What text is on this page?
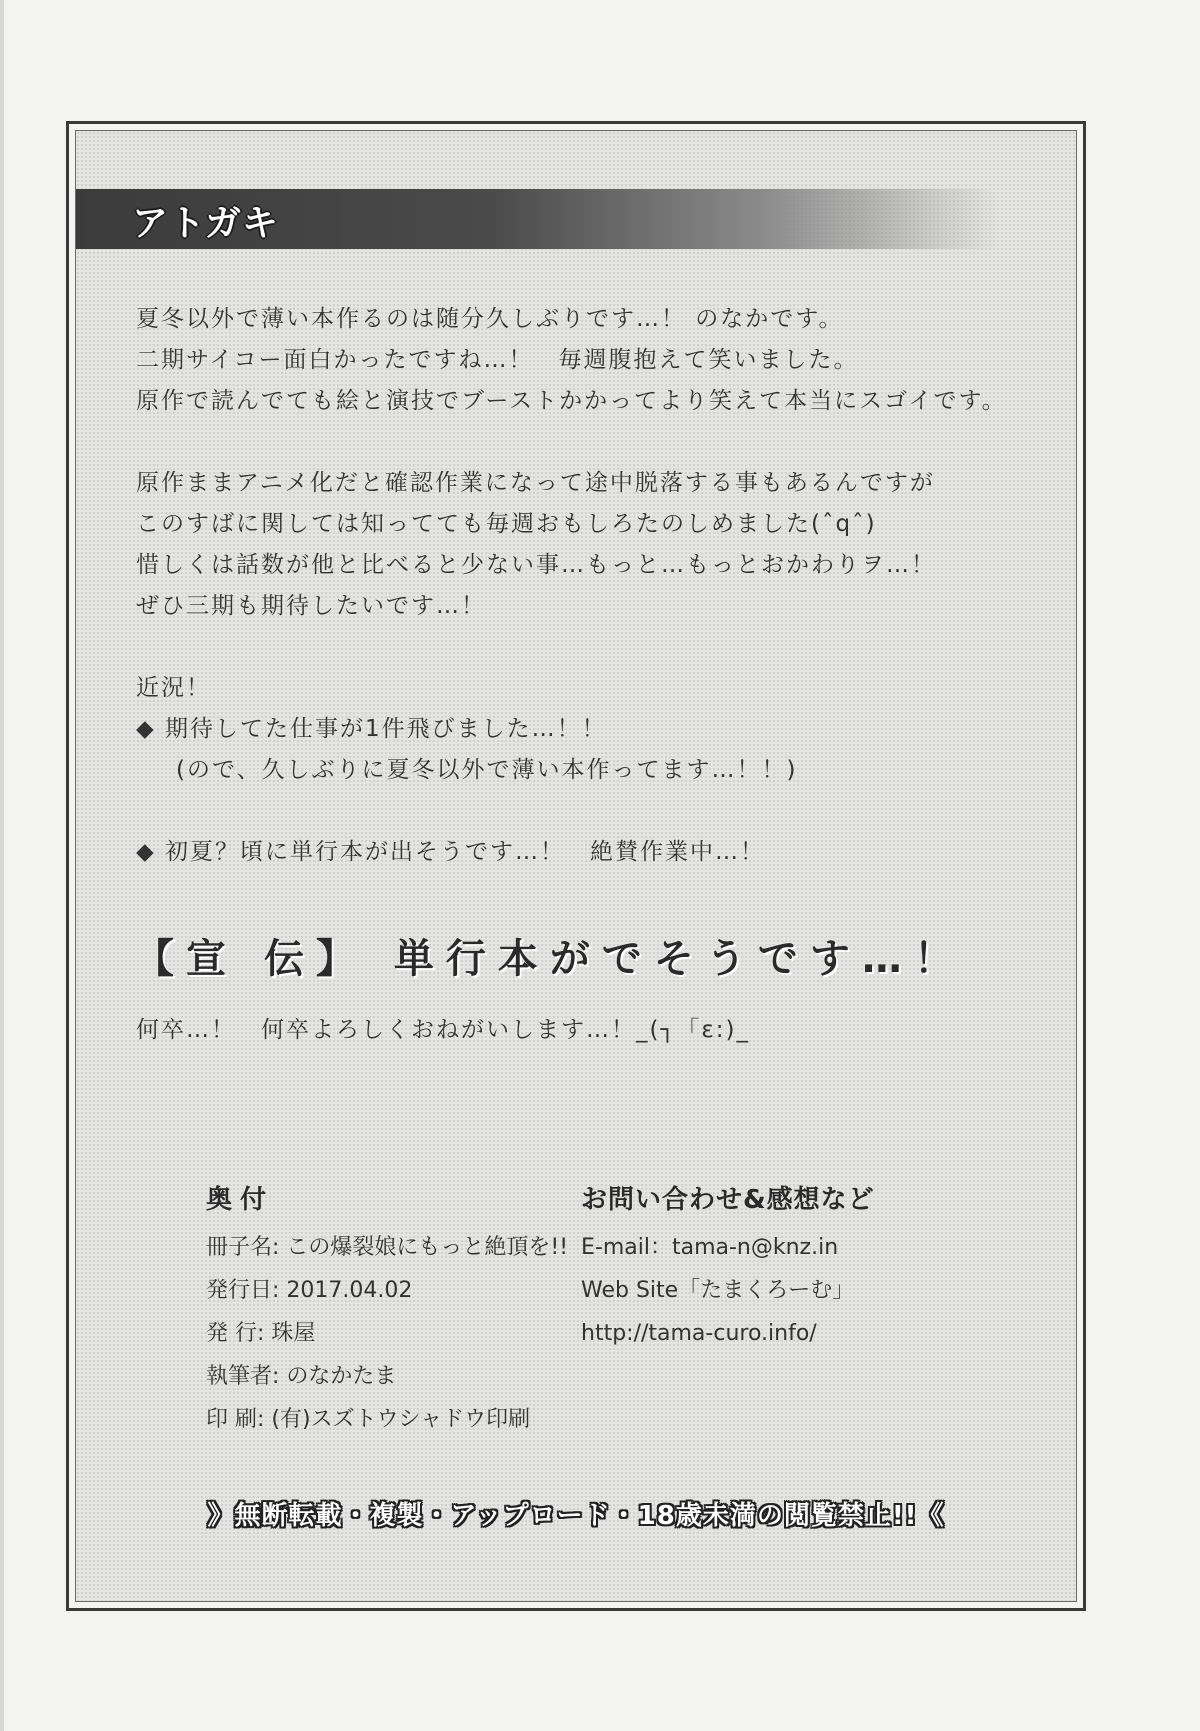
アトガキ
夏冬以外で薄い本作るのは随分久しぶりです…！ のなかです。
二期サイコー面白かったですね…！　毎週腹抱えて笑いました。
原作で読んでても絵と演技でブーストかかってより笑えて本当にスゴイです。
原作ままアニメ化だと確認作業になって途中脱落する事もあるんですが
このすばに関しては知ってても毎週おもしろたのしめました(ˆqˆ)
惜しくは話数が他と比べると少ない事…もっと…もっとおかわりヲ…！
ぜひ三期も期待したいです…！
近況！
◆ 期待してた仕事が1件飛びました…！！
(ので、久しぶりに夏冬以外で薄い本作ってます…！！)
◆ 初夏？頃に単行本が出そうです…！　絶賛作業中…！
【宣 伝】 単行本がでそうです…！
何卒…！　何卒よろしくおねがいします…！_(┐「ε:)_
奥付
冊子名: この爆裂娘にもっと絶頂を!!
発行日: 2017.04.02
発 行: 珠屋
執筆者: のなかたま
印 刷: (有)スズトウシャドウ印刷
お問い合わせ&感想など
E-mail：tama-n@knz.in
Web Site「たまくろーむ」
http://tama-curo.info/
》無断転載・複製・アップロード・18歳未満の閲覧禁止!!《
